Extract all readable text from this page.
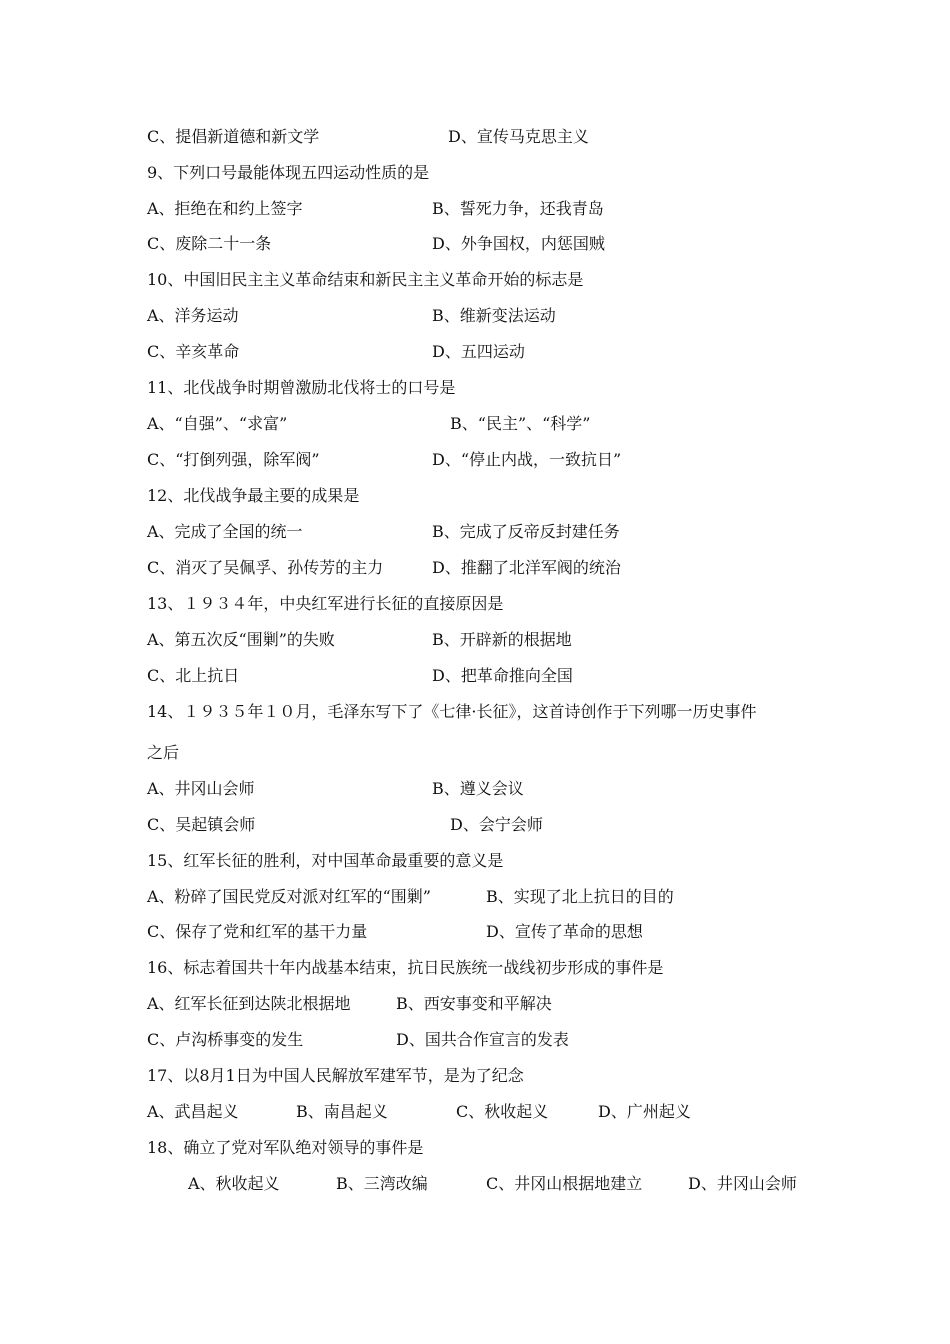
C、提倡新道德和新文学	D、宣传马克思主义
9、下列口号最能体现五四运动性质的是
A、拒绝在和约上签字	B、誓死力争，还我青岛
C、废除二十一条	D、外争国权，内惩国贼
10、中国旧民主主义革命结束和新民主主义革命开始的标志是
A、洋务运动	B、维新变法运动
C、辛亥革命	D、五四运动
11、北伐战争时期曾激励北伐将士的口号是
A、“自强”、“求富”	B、“民主”、“科学”
C、“打倒列强，除军阀”	D、“停止内战，一致抗日”
12、北伐战争最主要的成果是
A、完成了全国的统一	B、完成了反帝反封建任务
C、消灭了吴佩孚、孙传芳的主力	D、推翻了北洋军阀的统治
13、１９３４年，中央红军进行长征的直接原因是
A、第五次反“围剿”的失败	B、开辟新的根据地
C、北上抗日	D、把革命推向全国
14、１９３５年１０月，毛泽东写下了《七律·长征》，这首诗创作于下列哪一历史事件
之后
A、井冈山会师	B、遵义会议
C、吴起镇会师	D、会宁会师
15、红军长征的胜利，对中国革命最重要的意义是
A、粉碎了国民党反对派对红军的“围剿”	B、实现了北上抗日的目的
C、保存了党和红军的基干力量	D、宣传了革命的思想
16、标志着国共十年内战基本结束，抗日民族统一战线初步形成的事件是
A、红军长征到达陕北根据地	B、西安事变和平解决
C、卢沟桥事变的发生	D、国共合作宣言的发表
17、以8月1日为中国人民解放军建军节，是为了纪念
A、武昌起义	B、南昌起义	C、秋收起义	D、广州起义
18、确立了党对军队绝对领导的事件是
A、秋收起义	B、三湾改编	C、井冈山根据地建立	D、井冈山会师
